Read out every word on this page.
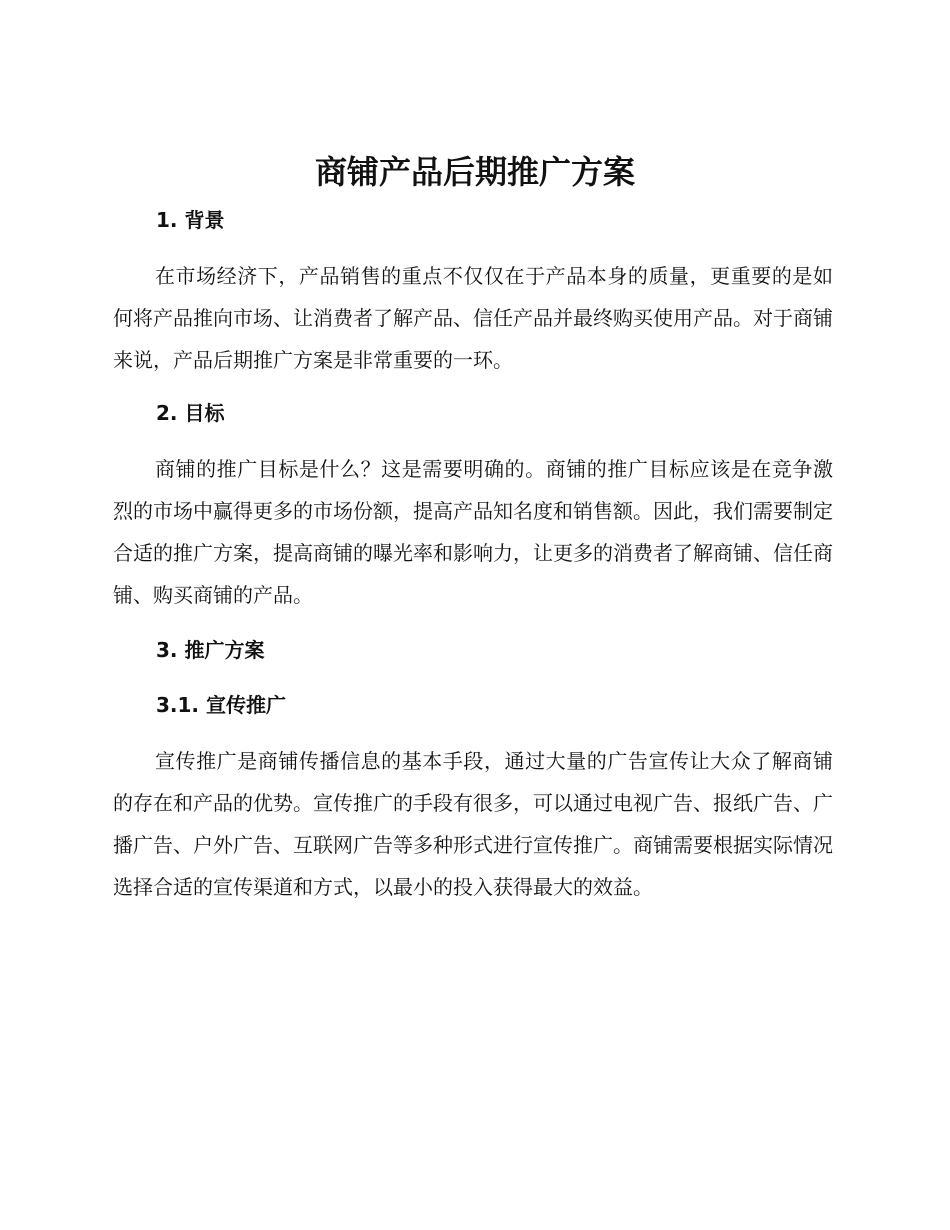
商铺产品后期推广方案
1. 背景

在市场经济下，产品销售的重点不仅仅在于产品本身的质量，更重要的是如何将产品推向市场、让消费者了解产品、信任产品并最终购买使用产品。对于商铺来说，产品后期推广方案是非常重要的一环。

2. 目标

商铺的推广目标是什么？这是需要明确的。商铺的推广目标应该是在竞争激烈的市场中赢得更多的市场份额，提高产品知名度和销售额。因此，我们需要制定合适的推广方案，提高商铺的曝光率和影响力，让更多的消费者了解商铺、信任商铺、购买商铺的产品。

3. 推广方案
3.1. 宣传推广

宣传推广是商铺传播信息的基本手段，通过大量的广告宣传让大众了解商铺的存在和产品的优势。宣传推广的手段有很多，可以通过电视广告、报纸广告、广播广告、户外广告、互联网广告等多种形式进行宣传推广。商铺需要根据实际情况选择合适的宣传渠道和方式，以最小的投入获得最大的效益。
